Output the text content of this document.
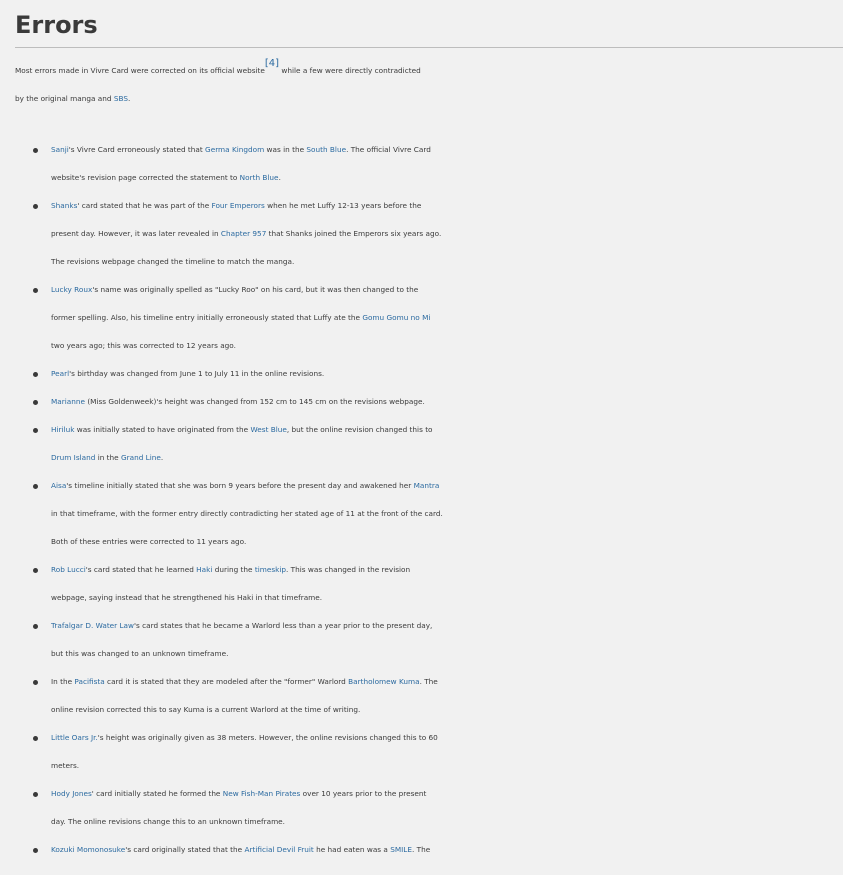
Errors

Most errors made in Vivre Card were corrected on its official website[4] while a few were directly contradicted
by the original manga and SBS.

Sanji's Vivre Card erroneously stated that Germa Kingdom was in the South Blue. The official Vivre Card
website's revision page corrected the statement to North Blue.
Shanks' card stated that he was part of the Four Emperors when he met Luffy 12-13 years before the
present day. However, it was later revealed in Chapter 957 that Shanks joined the Emperors six years ago.
The revisions webpage changed the timeline to match the manga.
Lucky Roux's name was originally spelled as "Lucky Roo" on his card, but it was then changed to the
former spelling. Also, his timeline entry initially erroneously stated that Luffy ate the Gomu Gomu no Mi
two years ago; this was corrected to 12 years ago.
Pearl's birthday was changed from June 1 to July 11 in the online revisions.
Marianne (Miss Goldenweek)'s height was changed from 152 cm to 145 cm on the revisions webpage.
Hiriluk was initially stated to have originated from the West Blue, but the online revision changed this to
Drum Island in the Grand Line.
Aisa's timeline initially stated that she was born 9 years before the present day and awakened her Mantra
in that timeframe, with the former entry directly contradicting her stated age of 11 at the front of the card.
Both of these entries were corrected to 11 years ago.
Rob Lucci's card stated that he learned Haki during the timeskip. This was changed in the revision
webpage, saying instead that he strengthened his Haki in that timeframe.
Trafalgar D. Water Law's card states that he became a Warlord less than a year prior to the present day,
but this was changed to an unknown timeframe.
In the Pacifista card it is stated that they are modeled after the "former" Warlord Bartholomew Kuma. The
online revision corrected this to say Kuma is a current Warlord at the time of writing.
Little Oars Jr.'s height was originally given as 38 meters. However, the online revisions changed this to 60
meters.
Hody Jones' card initially stated he formed the New Fish-Man Pirates over 10 years prior to the present
day. The online revisions change this to an unknown timeframe.
Kozuki Momonosuke's card originally stated that the Artificial Devil Fruit he had eaten was a SMILE. The
